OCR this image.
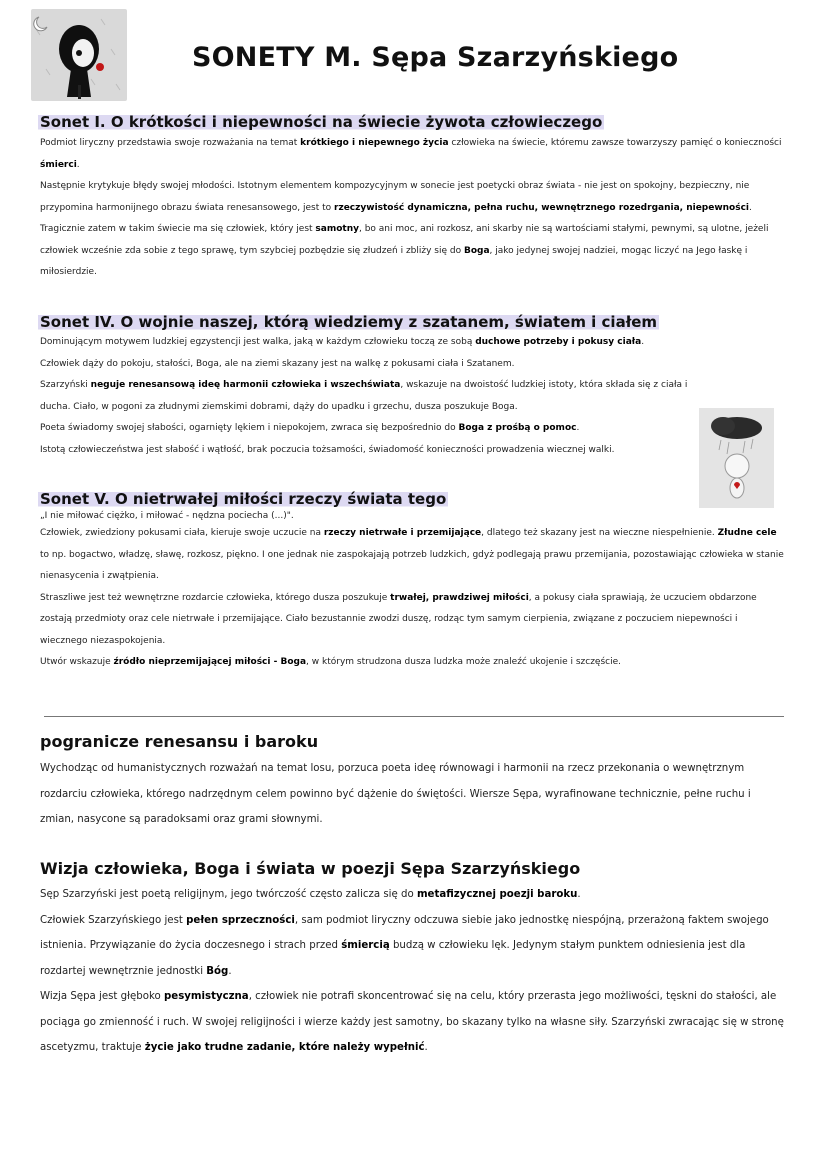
SONETY M. Sępa Szarzyńskiego
Sonet I. O krótkości i niepewności na świecie żywota człowieczego
Podmiot liryczny przedstawia swoje rozważania na temat krótkiego i niepewnego życia człowieka na świecie, któremu zawsze towarzyszy pamięć o konieczności śmierci.
Następnie krytykuje błędy swojej młodości. Istotnym elementem kompozycyjnym w sonecie jest poetycki obraz świata - nie jest on spokojny, bezpieczny, nie przypomina harmonijnego obrazu świata renesansowego, jest to rzeczywistość dynamiczna, pełna ruchu, wewnętrznego rozedrgania, niepewności.
Tragicznie zatem w takim świecie ma się człowiek, który jest samotny, bo ani moc, ani rozkosz, ani skarby nie są wartościami stałymi, pewnymi, są ulotne, jeżeli człowiek wcześnie zda sobie z tego sprawę, tym szybciej pozbędzie się złudzeń i zbliży się do Boga, jako jedynej swojej nadziei, mogąc liczyć na Jego łaskę i miłosierdzie.
Sonet IV. O wojnie naszej, którą wiedziemy z szatanem, światem i ciałem
Dominującym motywem ludzkiej egzystencji jest walka, jaką w każdym człowieku toczą ze sobą duchowe potrzeby i pokusy ciała.
Człowiek dąży do pokoju, stałości, Boga, ale na ziemi skazany jest na walkę z pokusami ciała i Szatanem.
Szarzyński neguje renesansową ideę harmonii człowieka i wszechświata, wskazuje na dwoistość ludzkiej istoty, która składa się z ciała i ducha. Ciało, w pogoni za złudnymi ziemskimi dobrami, dąży do upadku i grzechu, dusza poszukuje Boga.
Poeta świadomy swojej słabości, ogarnięty lękiem i niepokojem, zwraca się bezpośrednio do Boga z prośbą o pomoc.
Istotą człowieczeństwa jest słabość i wątłość, brak poczucia tożsamości, świadomość konieczności prowadzenia wiecznej walki.
Sonet V. O nietrwałej miłości rzeczy świata tego
„I nie miłować ciężko, i miłować - nędzna pociecha (...)".
Człowiek, zwiedziony pokusami ciała, kieruje swoje uczucie na rzeczy nietrwałe i przemijające, dlatego też skazany jest na wieczne niespełnienie. Złudne cele to np. bogactwo, władzę, sławę, rozkosz, piękno. I one jednak nie zaspokajają potrzeb ludzkich, gdyż podlegają prawu przemijania, pozostawiając człowieka w stanie nienasycenia i zwątpienia.
Straszliwe jest też wewnętrzne rozdarcie człowieka, którego dusza poszukuje trwałej, prawdziwej miłości, a pokusy ciała sprawiają, że uczuciem obdarzone zostają przedmioty oraz cele nietrwałe i przemijające. Ciało bezustannie zwodzi duszę, rodząc tym samym cierpienia, związane z poczuciem niepewności i wiecznego niezaspokojenia.
Utwór wskazuje źródło nieprzemijającej miłości - Boga, w którym strudzona dusza ludzka może znaleźć ukojenie i szczęście.
pogranicze renesansu i baroku
Wychodząc od humanistycznych rozważań na temat losu, porzuca poeta ideę równowagi i harmonii na rzecz przekonania o wewnętrznym rozdarciu człowieka, którego nadrzędnym celem powinno być dążenie do świętości. Wiersze Sępa, wyrafinowane technicznie, pełne ruchu i zmian, nasycone są paradoksami oraz grami słownymi.
Wizja człowieka, Boga i świata w poezji Sępa Szarzyńskiego
Sęp Szarzyński jest poetą religijnym, jego twórczość często zalicza się do metafizycznej poezji baroku.
Człowiek Szarzyńskiego jest pełen sprzeczności, sam podmiot liryczny odczuwa siebie jako jednostkę niespójną, przerażoną faktem swojego istnienia. Przywiązanie do życia doczesnego i strach przed śmiercią budzą w człowieku lęk. Jedynym stałym punktem odniesienia jest dla rozdartej wewnętrznie jednostki Bóg.
Wizja Sępa jest głęboko pesymistyczna, człowiek nie potrafi skoncentrować się na celu, który przerasta jego możliwości, tęskni do stałości, ale pociąga go zmienność i ruch. W swojej religijności i wierze każdy jest samotny, bo skazany tylko na własne siły. Szarzyński zwracając się w stronę ascetyzmu, traktuje życie jako trudne zadanie, które należy wypełnić.
